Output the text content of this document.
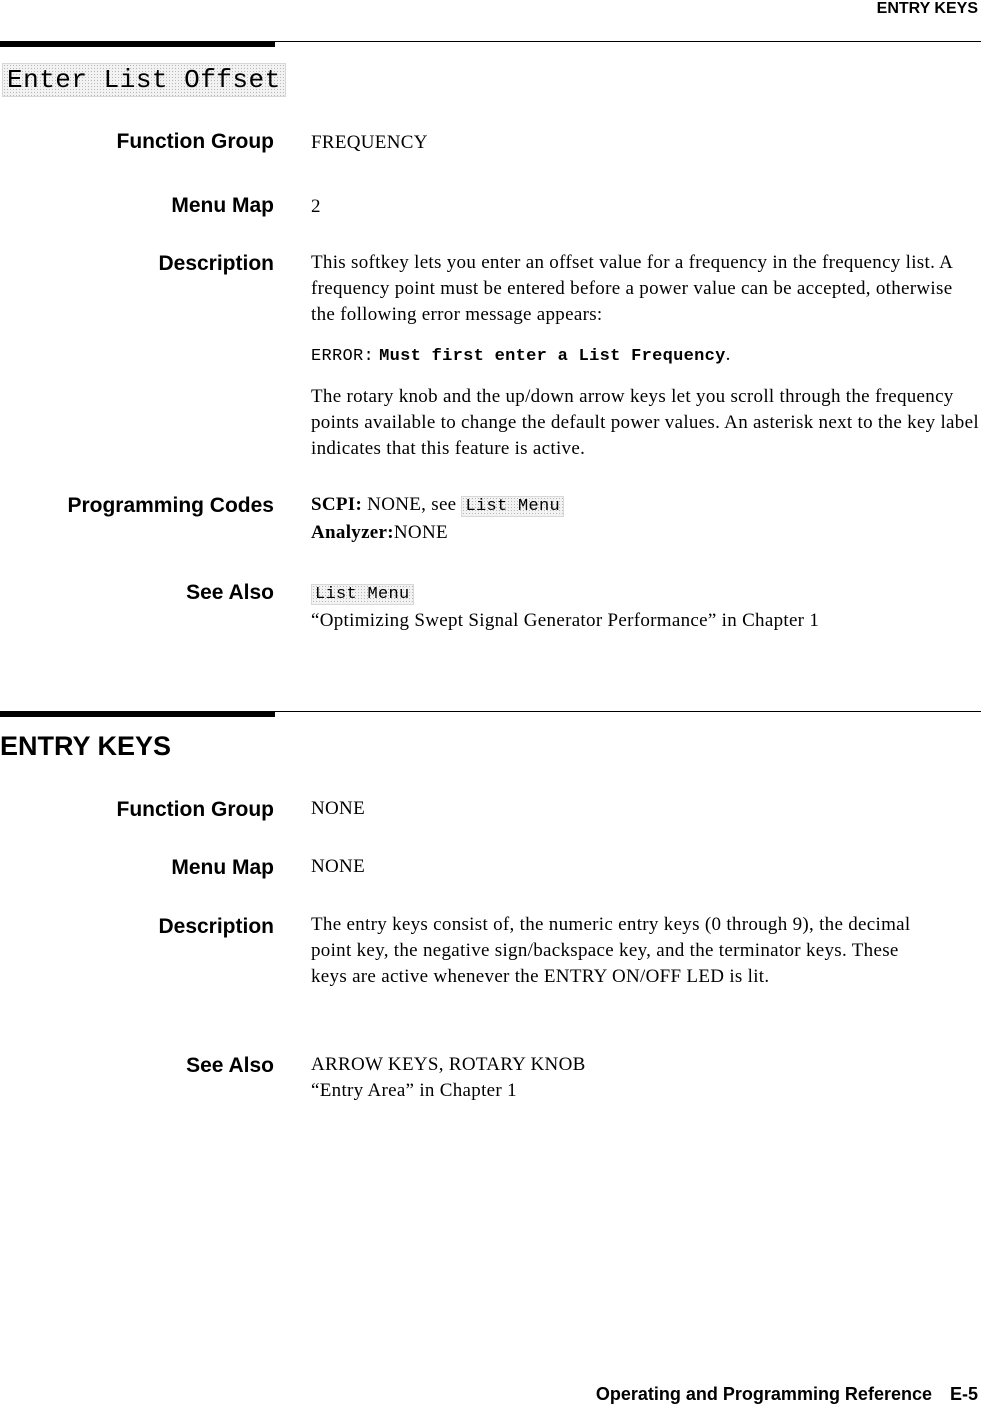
ENTRY KEYS
Enter List Offset
Function Group FREQUENCY
Menu Map 2
Description This softkey lets you enter an offset value for a frequency in the frequency list. A frequency point must be entered before a power value can be accepted, otherwise the following error message appears:

ERROR: Must first enter a List Frequency.

The rotary knob and the up/down arrow keys let you scroll through the frequency points available to change the default power values. An asterisk next to the key label indicates that this feature is active.

Programming Codes SCPI: NONE, see List Menu

Analyzer:NONE

See Also List Menu

“Optimizing Swept Signal Generator Performance” in Chapter 1

ENTRY KEYS
Function Group NONE
Menu Map NONE
Description The entry keys consist of, the numeric entry keys (0 through 9), the decimal point key, the negative sign/backspace key, and the terminator keys. These keys are active whenever the ENTRY ON/OFF LED is lit.
See Also ARROW KEYS, ROTARY KNOB

“Entry Area” in Chapter 1

Operating and Programming Reference E-5
